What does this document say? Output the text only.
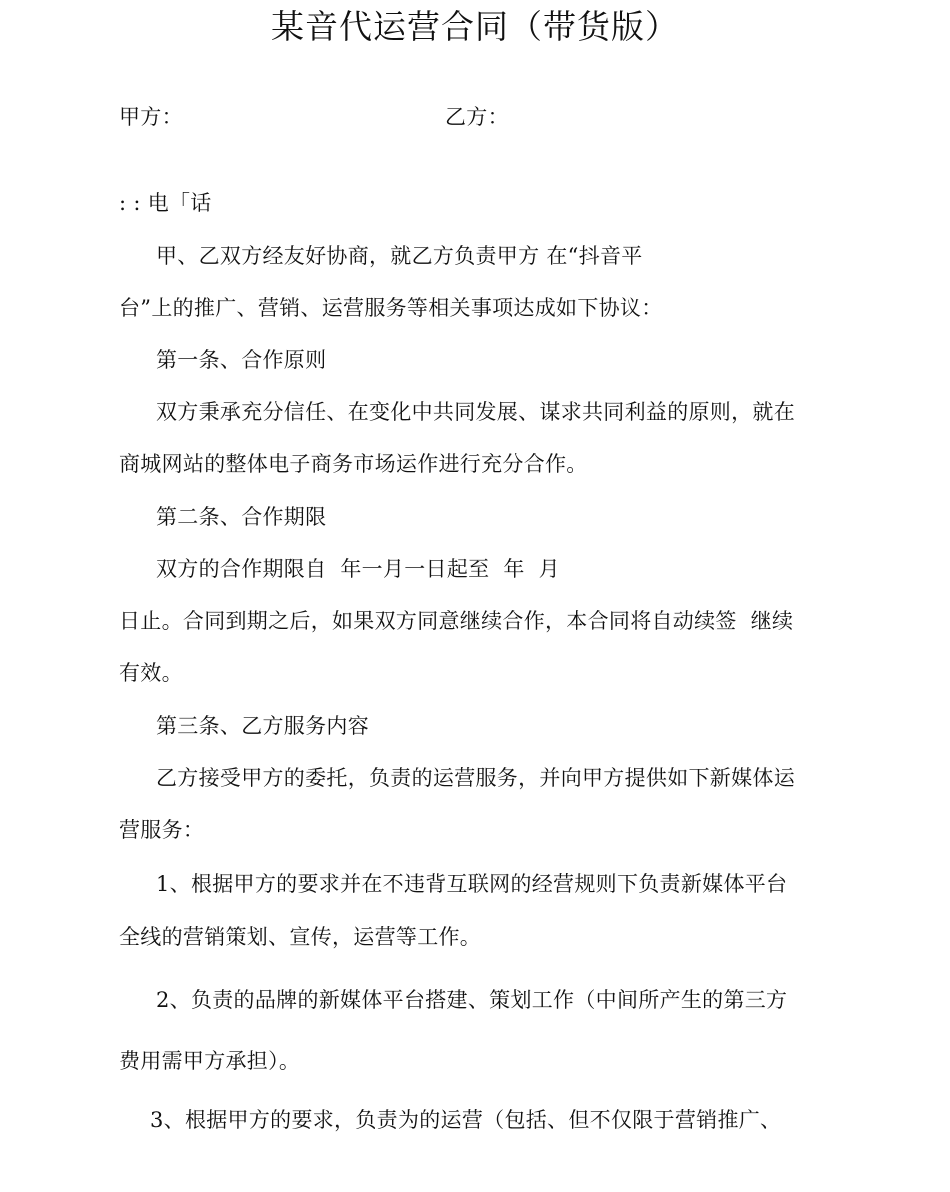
某音代运营合同（带货版）
甲方：	乙方：
: : 电「话
甲、乙双方经友好协商，就乙方负责甲方 在“抖音平
台”上的推广、营销、运营服务等相关事项达成如下协议：
第一条、合作原则
双方秉承充分信任、在变化中共同发展、谋求共同利益的原则，就在
商城网站的整体电子商务市场运作进行充分合作。
第二条、合作期限
双方的合作期限自  年一月一日起至  年  月
日止。合同到期之后，如果双方同意继续合作，本合同将自动续签  继续
有效。
第三条、乙方服务内容
乙方接受甲方的委托，负责的运营服务，并向甲方提供如下新媒体运
营服务：
1、根据甲方的要求并在不违背互联网的经营规则下负责新媒体平台
全线的营销策划、宣传，运营等工作。
2、负责的品牌的新媒体平台搭建、策划工作（中间所产生的第三方
费用需甲方承担）。
3、根据甲方的要求，负责为的运营（包括、但不仅限于营销推广、
